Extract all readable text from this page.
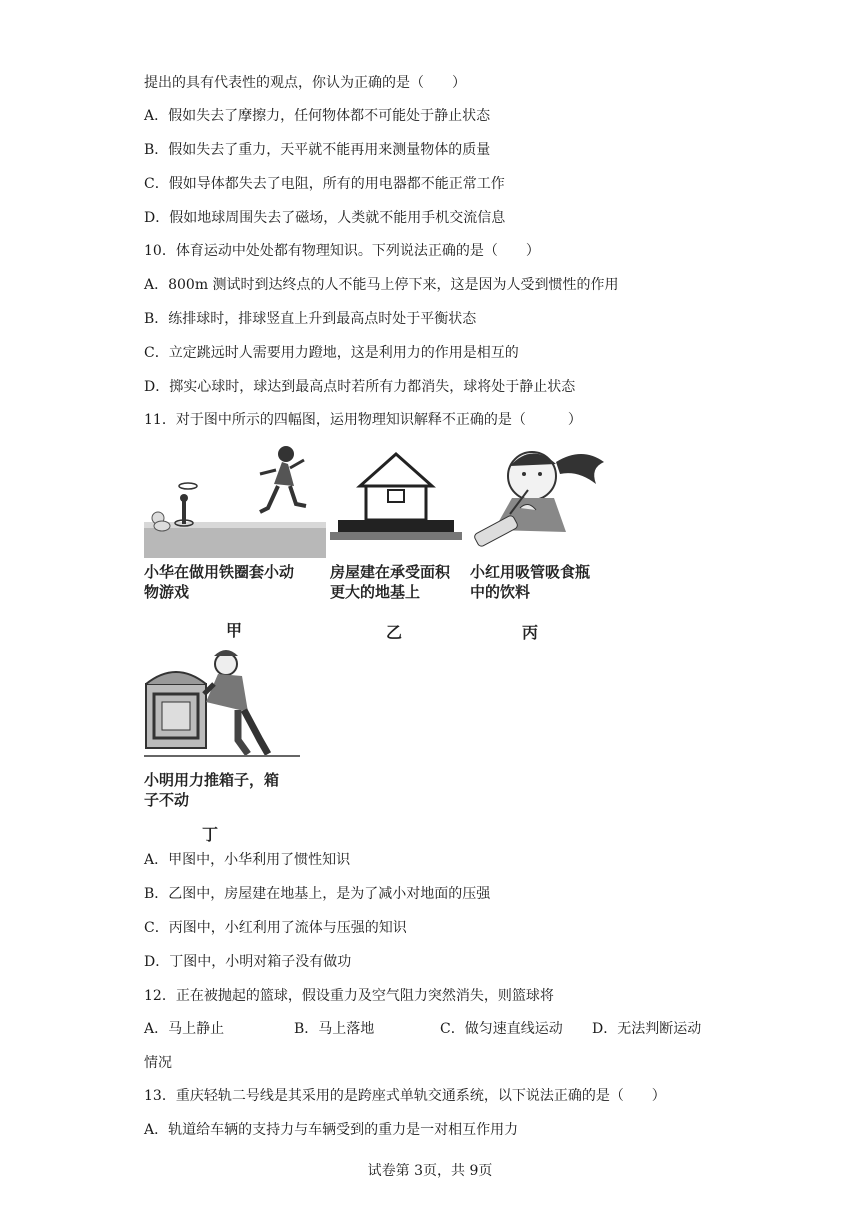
提出的具有代表性的观点，你认为正确的是（　　）
A．假如失去了摩擦力，任何物体都不可能处于静止状态
B．假如失去了重力，天平就不能再用来测量物体的质量
C．假如导体都失去了电阻，所有的用电器都不能正常工作
D．假如地球周围失去了磁场，人类就不能用手机交流信息
10．体育运动中处处都有物理知识。下列说法正确的是（　　）
A．800m 测试时到达终点的人不能马上停下来，这是因为人受到惯性的作用
B．练排球时，排球竖直上升到最高点时处于平衡状态
C．立定跳远时人需要用力蹬地，这是利用力的作用是相互的
D．掷实心球时，球达到最高点时若所有力都消失，球将处于静止状态
11．对于图中所示的四幅图，运用物理知识解释不正确的是（　　　）
小华在做用铁圈套小动
物游戏
甲
房屋建在承受面积
更大的地基上
乙
小红用吸管吸食瓶
中的饮料
丙
小明用力推箱子，箱
子不动
丁
A．甲图中，小华利用了惯性知识
B．乙图中，房屋建在地基上，是为了减小对地面的压强
C．丙图中，小红利用了流体与压强的知识
D．丁图中，小明对箱子没有做功
12．正在被抛起的篮球，假设重力及空气阻力突然消失，则篮球将
A．马上静止	B．马上落地	C．做匀速直线运动 D．无法判断运动
情况
13．重庆轻轨二号线是其采用的是跨座式单轨交通系统，以下说法正确的是（　　）
A．轨道给车辆的支持力与车辆受到的重力是一对相互作用力
试卷第 3页，共 9页
